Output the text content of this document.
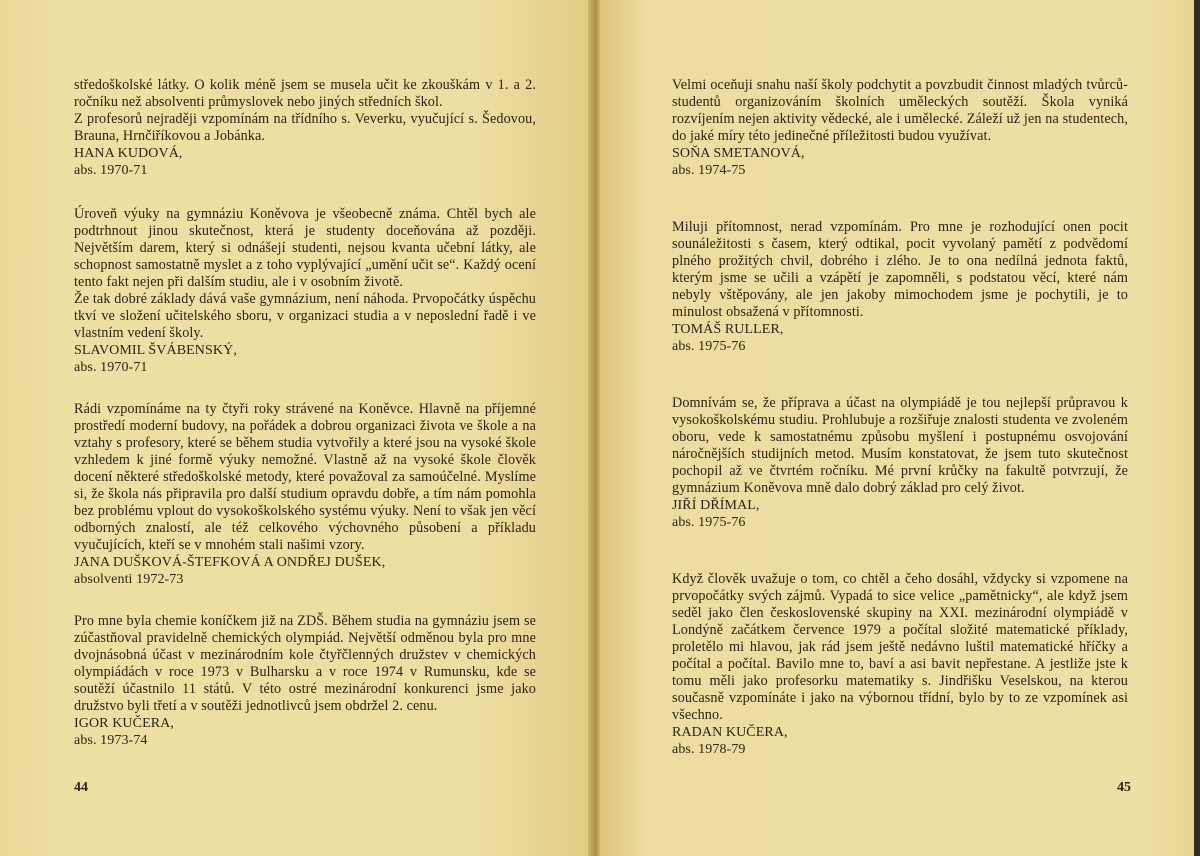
středoškolské látky. O kolik méně jsem se musela učit ke zkouškám v 1. a 2. ročníku než absolventi průmyslovek nebo jiných středních škol.
Z profesorů nejraději vzpomínám na třídního s. Veverku, vyučující s. Šedovou, Brauna, Hrnčiříkovou a Jobánka.

HANA KUDOVÁ,

abs. 1970-71

Úroveň výuky na gymnáziu Koněvova je všeobecně známa. Chtěl bych ale podtrhnout jinou skutečnost, která je studenty doceňována až později. Největším darem, který si odnášejí studenti, nejsou kvanta učební látky, ale schopnost samostatně myslet a z toho vyplývající „umění učit se“. Každý ocení tento fakt nejen při dalším studiu, ale i v osobním životě.
Že tak dobré základy dává vaše gymnázium, není náhoda. Prvopočátky úspěchu tkví ve složení učitelského sboru, v organizaci studia a v neposlední řadě i ve vlastním vedení školy.

SLAVOMIL ŠVÁBENSKÝ,

abs. 1970-71

Rádi vzpomínáme na ty čtyři roky strávené na Koněvce. Hlavně na příjemné prostředí moderní budovy, na pořádek a dobrou organizaci života ve škole a na vztahy s profesory, které se během studia vytvořily a které jsou na vysoké škole vzhledem k jiné formě výuky nemožné. Vlastně až na vysoké škole člověk docení některé středoškolské metody, které považoval za samoúčelné. Myslíme si, že škola nás připravila pro další studium opravdu dobře, a tím nám pomohla bez problému vplout do vysokoškolského systému výuky. Není to však jen věcí odborných znalostí, ale též celkového výchovného působení a příkladu vyučujících, kteří se v mnohém stali našimi vzory.

JANA DUŠKOVÁ-ŠTEFKOVÁ A ONDŘEJ DUŠEK,

absolventi 1972-73

Pro mne byla chemie koníčkem již na ZDŠ. Během studia na gymnáziu jsem se zúčastňoval pravidelně chemických olympiád. Největší odměnou byla pro mne dvojnásobná účast v mezinárodním kole čtyřčlenných družstev v chemických olympiádách v roce 1973 v Bulharsku a v roce 1974 v Rumunsku, kde se soutěží účastnilo 11 států. V této ostré mezinárodní konkurenci jsme jako družstvo byli třetí a v soutěži jednotlivců jsem obdržel 2. cenu.

IGOR KUČERA,

abs. 1973-74

44

Velmi oceňuji snahu naší školy podchytit a povzbudit činnost mladých tvůrců-studentů organizováním školních uměleckých soutěží. Škola vyniká rozvíjením nejen aktivity vědecké, ale i umělecké. Záleží už jen na studentech, do jaké míry této jedinečné příležitosti budou využívat.

SOŇA SMETANOVÁ,

abs. 1974-75

Miluji přítomnost, nerad vzpomínám. Pro mne je rozhodující onen pocit sounáležitosti s časem, který odtikal, pocit vyvolaný pamětí z podvědomí plného prožitých chvil, dobrého i zlého. Je to ona nedílná jednota faktů, kterým jsme se učili a vzápětí je zapomněli, s podstatou věcí, které nám nebyly vštěpovány, ale jen jakoby mimochodem jsme je pochytili, je to minulost obsažená v přítomnosti.

TOMÁŠ RULLER,

abs. 1975-76

Domnívám se, že příprava a účast na olympiádě je tou nejlepší průpravou k vysokoškolskému studiu. Prohlubuje a rozšiřuje znalosti studenta ve zvoleném oboru, vede k samostatnému způsobu myšlení i postupnému osvojování náročnějších studijních metod. Musím konstatovat, že jsem tuto skutečnost pochopil až ve čtvrtém ročníku. Mé první krůčky na fakultě potvrzují, že gymnázium Koněvova mně dalo dobrý základ pro celý život.

JIŘÍ DŘÍMAL,

abs. 1975-76

Když člověk uvažuje o tom, co chtěl a čeho dosáhl, vždycky si vzpomene na prvopočátky svých zájmů. Vypadá to sice velice „pamětnicky“, ale když jsem seděl jako člen československé skupiny na XXI. mezinárodní olympiádě v Londýně začátkem července 1979 a počítal složité matematické příklady, proletělo mi hlavou, jak rád jsem ještě nedávno luštil matematické hříčky a počítal a počítal. Bavilo mne to, baví a asi bavit nepřestane. A jestliže jste k tomu měli jako profesorku matematiky s. Jindřišku Veselskou, na kterou současně vzpomínáte i jako na výbornou třídní, bylo by to ze vzpomínek asi všechno.

RADAN KUČERA,

abs. 1978-79

45
